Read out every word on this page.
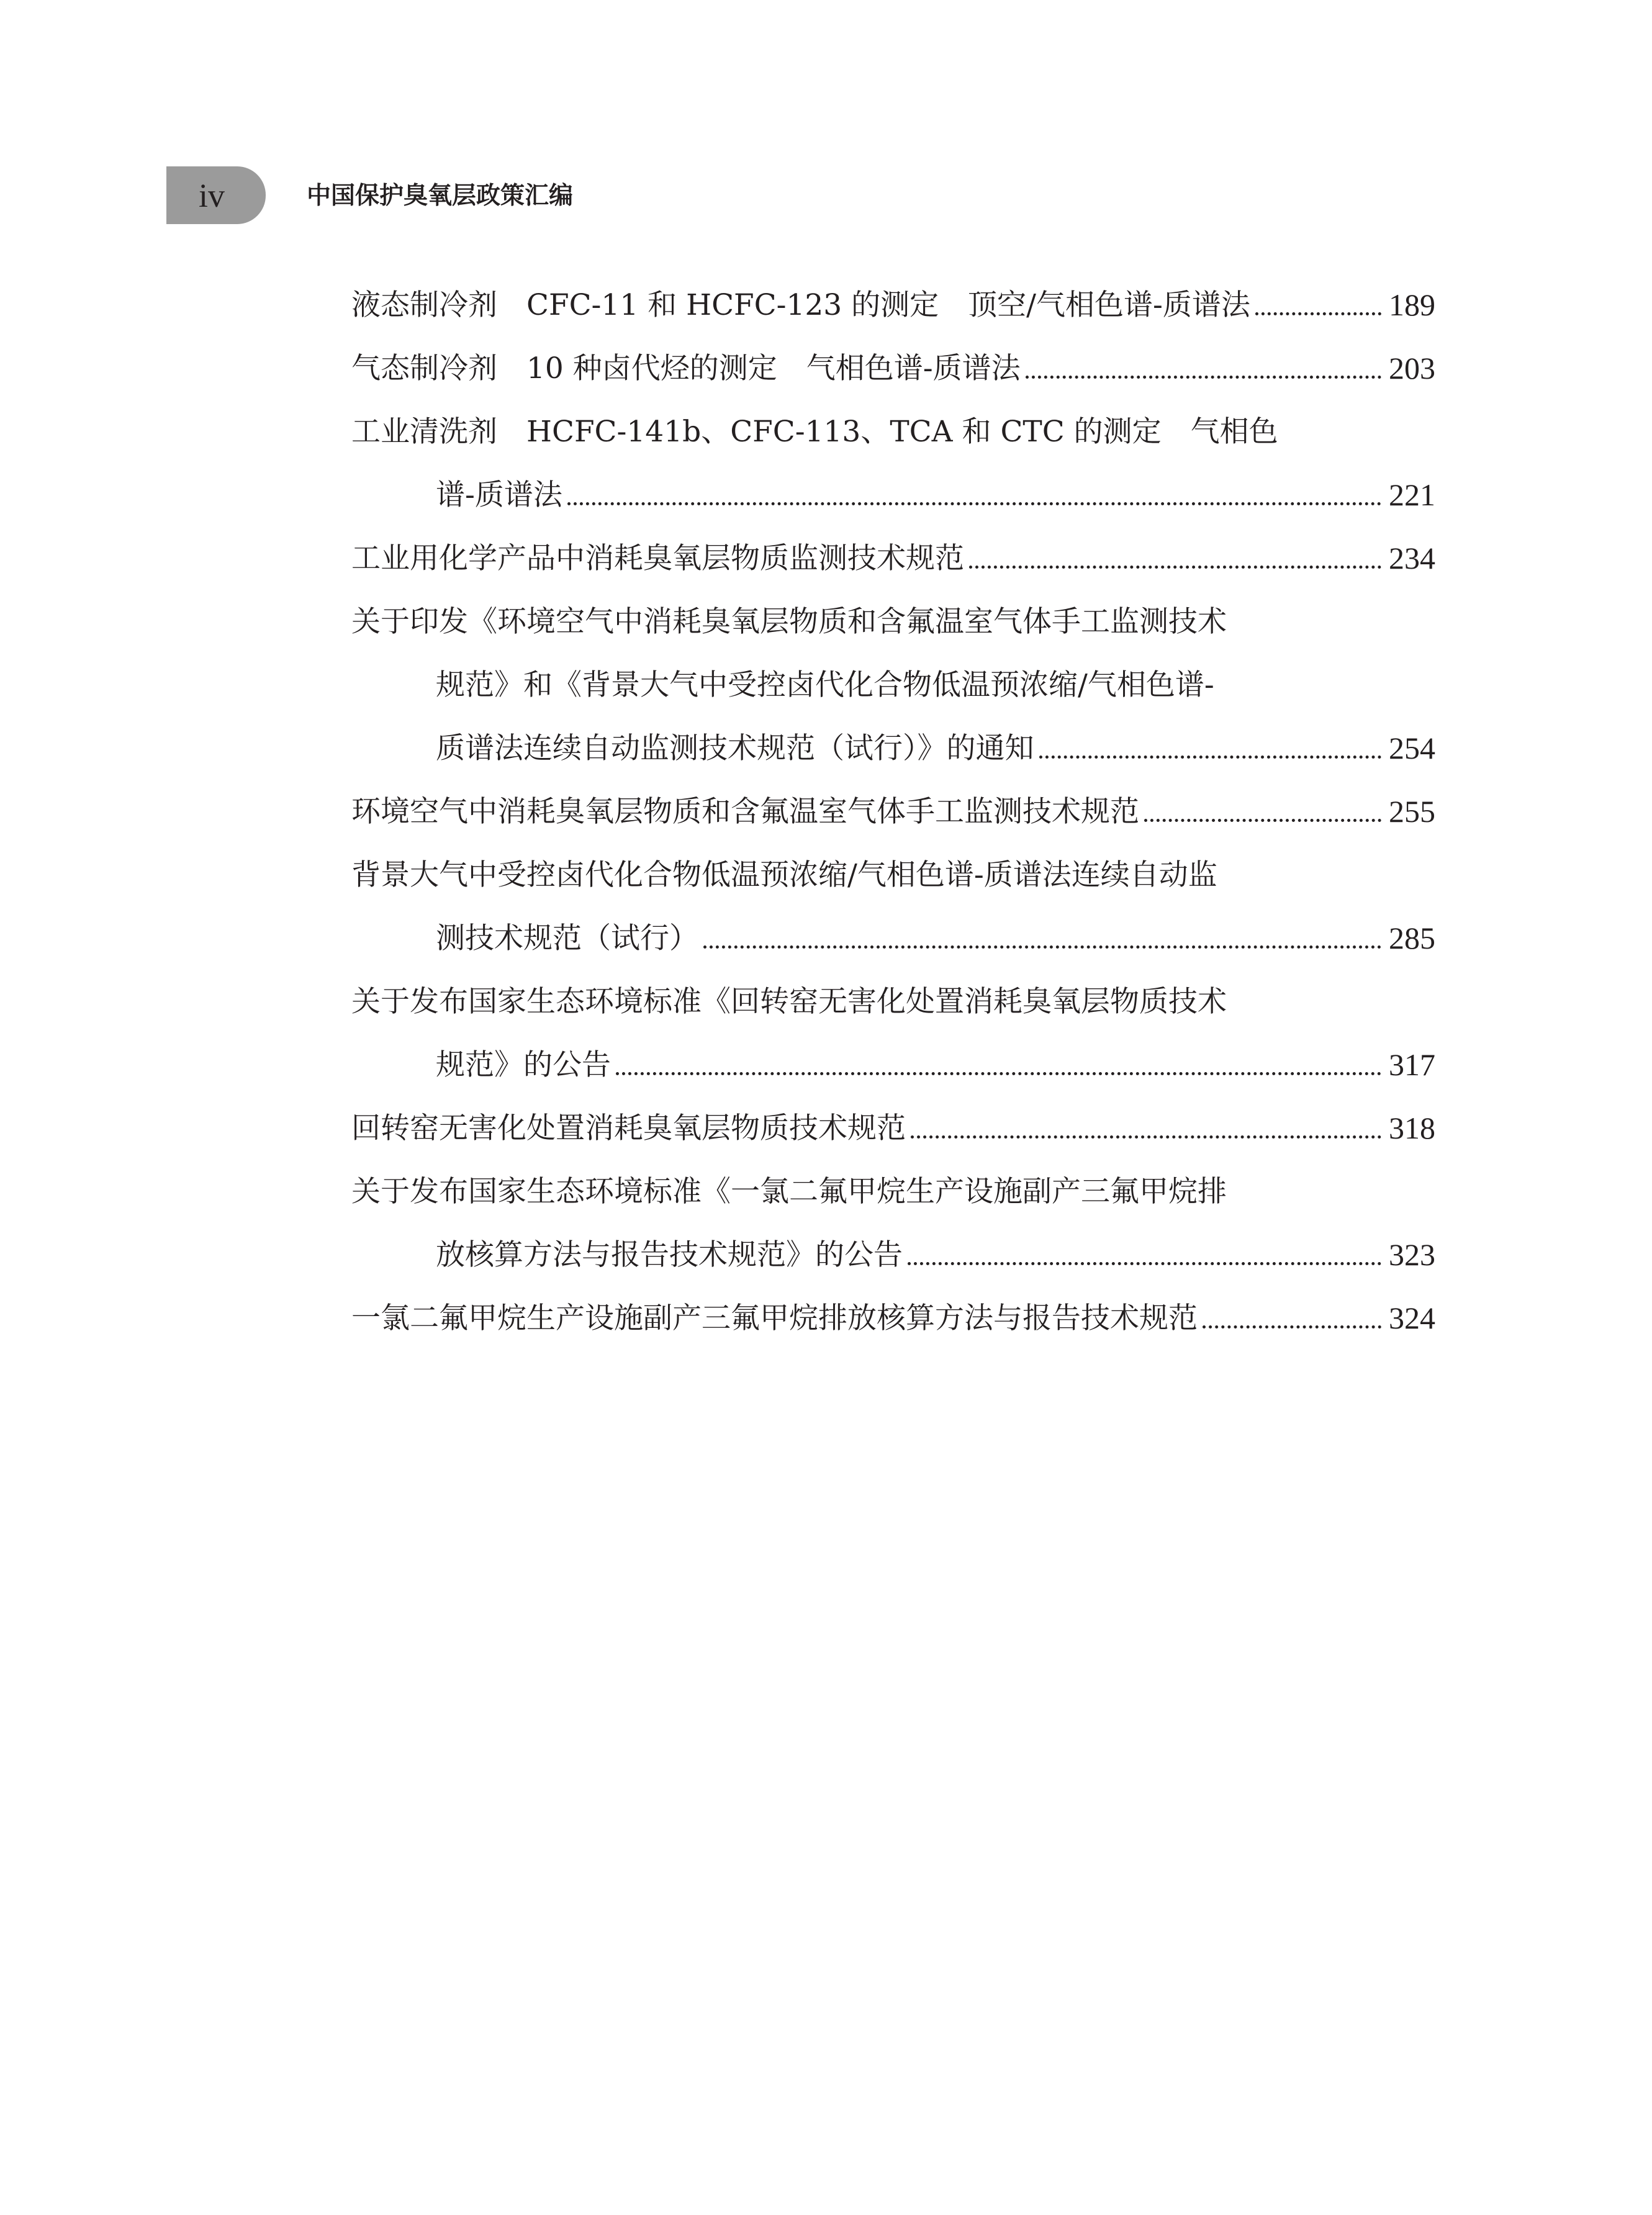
iv	中国保护臭氧层政策汇编
液态制冷剂　CFC-11 和 HCFC-123 的测定　顶空/气相色谱-质谱法	189
气态制冷剂　10 种卤代烃的测定　气相色谱-质谱法	203
工业清洗剂　HCFC-141b、CFC-113、TCA 和 CTC 的测定　气相色
谱-质谱法	221
工业用化学产品中消耗臭氧层物质监测技术规范	234
关于印发《环境空气中消耗臭氧层物质和含氟温室气体手工监测技术
规范》和《背景大气中受控卤代化合物低温预浓缩/气相色谱-
质谱法连续自动监测技术规范（试行）》的通知	254
环境空气中消耗臭氧层物质和含氟温室气体手工监测技术规范	255
背景大气中受控卤代化合物低温预浓缩/气相色谱-质谱法连续自动监
测技术规范（试行）	285
关于发布国家生态环境标准《回转窑无害化处置消耗臭氧层物质技术
规范》的公告	317
回转窑无害化处置消耗臭氧层物质技术规范	318
关于发布国家生态环境标准《一氯二氟甲烷生产设施副产三氟甲烷排
放核算方法与报告技术规范》的公告	323
一氯二氟甲烷生产设施副产三氟甲烷排放核算方法与报告技术规范	324
